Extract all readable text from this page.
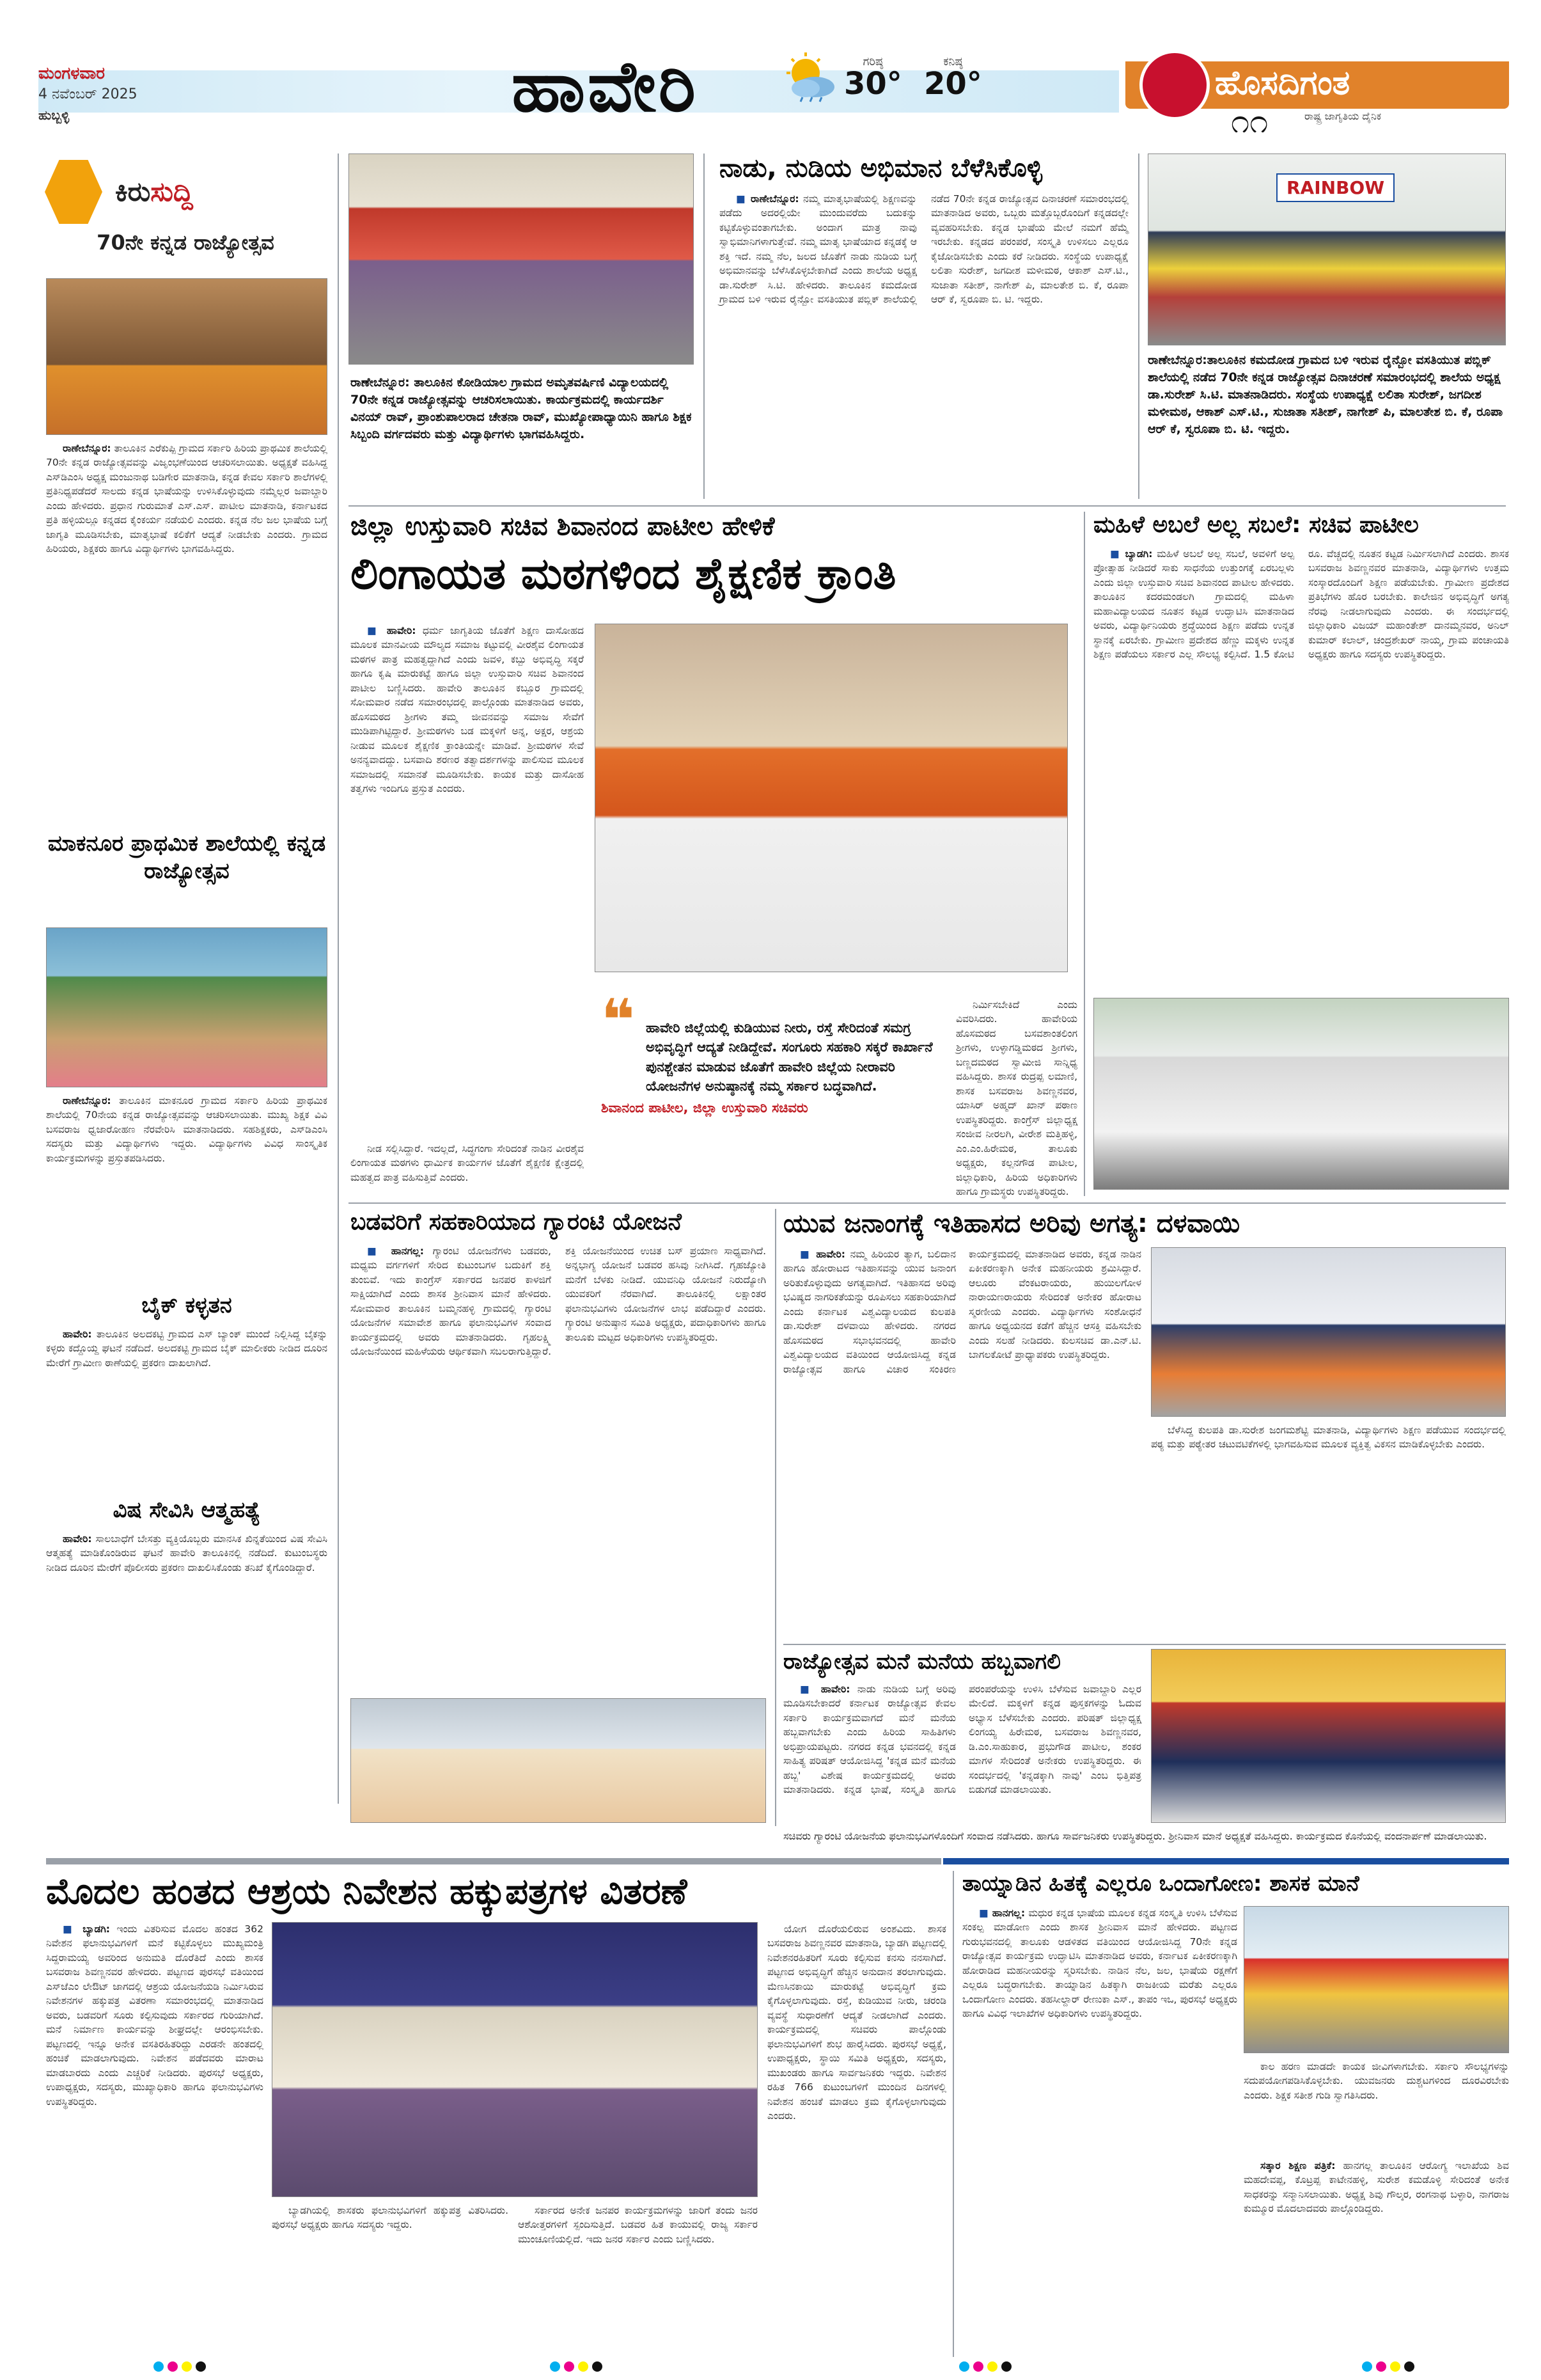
ಮಂಗಳವಾರ
4 ನವೆಂಬರ್ 2025
ಹುಬ್ಬಳ್ಳಿ	ಹಾವೇರಿ	ಗರಿಷ್ಠ
30°
ಕನಿಷ್ಠ
20°	ಹೊಸದಿಗಂತ
ರಾಷ್ಟ್ರ ಜಾಗೃತಿಯ ದೈನಿಕ
೧೧
ಕಿರುಸುದ್ದಿ
70ನೇ ಕನ್ನಡ ರಾಜ್ಯೋತ್ಸವ

ರಾಣೇಬೆನ್ನೂರ: ತಾಲೂಕಿನ ಎರೆಕುಪ್ಪಿ ಗ್ರಾಮದ ಸರ್ಕಾರಿ ಹಿರಿಯ ಪ್ರಾಥಮಿಕ ಶಾಲೆಯಲ್ಲಿ 70ನೇ ಕನ್ನಡ ರಾಜ್ಯೋತ್ಸವವನ್ನು ವಿಜೃಂಭಣೆಯಿಂದ ಆಚರಿಸಲಾಯಿತು. ಅಧ್ಯಕ್ಷತೆ ವಹಿಸಿದ್ದ ಎಸ್‌ಡಿಎಂಸಿ ಅಧ್ಯಕ್ಷ ಮಂಜುನಾಥ ಬಡಿಗೇರ ಮಾತನಾಡಿ, ಕನ್ನಡ ಕೇವಲ ಸರ್ಕಾರಿ ಶಾಲೆಗಳಲ್ಲಿ ಪ್ರತಿನಿಧ್ಯಪಡೆದರೆ ಸಾಲದು ಕನ್ನಡ ಭಾಷೆಯನ್ನು ಉಳಿಸಿಕೊಳ್ಳುವುದು ನಮ್ಮೆಲ್ಲರ ಜವಾಬ್ದಾರಿ ಎಂದು ಹೇಳಿದರು. ಪ್ರಧಾನ ಗುರುಮಾತೆ ಎಸ್.ಎಸ್. ಪಾಟೀಲ ಮಾತನಾಡಿ, ಕರ್ನಾಟಕದ ಪ್ರತಿ ಹಳ್ಳಿಯಲ್ಲೂ ಕನ್ನಡದ ಕೈಂಕರ್ಯ ನಡೆಯಲಿ ಎಂದರು. ಕನ್ನಡ ನೆಲ ಜಲ ಭಾಷೆಯ ಬಗ್ಗೆ ಜಾಗೃತಿ ಮೂಡಿಸಬೇಕು, ಮಾತೃಭಾಷೆ ಕಲಿಕೆಗೆ ಆದ್ಯತೆ ನೀಡಬೇಕು ಎಂದರು. ಗ್ರಾಮದ ಹಿರಿಯರು, ಶಿಕ್ಷಕರು ಹಾಗೂ ವಿದ್ಯಾರ್ಥಿಗಳು ಭಾಗವಹಿಸಿದ್ದರು.

ಮಾಕನೂರ ಪ್ರಾಥಮಿಕ ಶಾಲೆಯಲ್ಲಿ ಕನ್ನಡ ರಾಜ್ಯೋತ್ಸವ

ರಾಣೇಬೆನ್ನೂರ: ತಾಲೂಕಿನ ಮಾಕನೂರ ಗ್ರಾಮದ ಸರ್ಕಾರಿ ಹಿರಿಯ ಪ್ರಾಥಮಿಕ ಶಾಲೆಯಲ್ಲಿ 70ನೇಯ ಕನ್ನಡ ರಾಜ್ಯೋತ್ಸವವನ್ನು ಆಚರಿಸಲಾಯಿತು. ಮುಖ್ಯ ಶಿಕ್ಷಕ ವಿವಿ ಬಸವರಾಜ ಧ್ವಜಾರೋಹಣ ನೆರವೇರಿಸಿ ಮಾತನಾಡಿದರು. ಸಹಶಿಕ್ಷಕರು, ಎಸ್‌ಡಿಎಂಸಿ ಸದಸ್ಯರು ಮತ್ತು ವಿದ್ಯಾರ್ಥಿಗಳು ಇದ್ದರು. ವಿದ್ಯಾರ್ಥಿಗಳು ವಿವಿಧ ಸಾಂಸ್ಕೃತಿಕ ಕಾರ್ಯಕ್ರಮಗಳನ್ನು ಪ್ರಸ್ತುತಪಡಿಸಿದರು.

ಬೈಕ್ ಕಳ್ಳತನ

ಹಾವೇರಿ: ತಾಲೂಕಿನ ಅಲದಕಟ್ಟಿ ಗ್ರಾಮದ ಎಸ್ ಬ್ಯಾಂಕ್ ಮುಂದೆ ನಿಲ್ಲಿಸಿದ್ದ ಬೈಕನ್ನು ಕಳ್ಳರು ಕದ್ದೊಯ್ದ ಘಟನೆ ನಡೆದಿದೆ. ಅಲದಕಟ್ಟಿ ಗ್ರಾಮದ ಬೈಕ್ ಮಾಲೀಕರು ನೀಡಿದ ದೂರಿನ ಮೇರೆಗೆ ಗ್ರಾಮೀಣ ಠಾಣೆಯಲ್ಲಿ ಪ್ರಕರಣ ದಾಖಲಾಗಿದೆ.

ವಿಷ ಸೇವಿಸಿ ಆತ್ಮಹತ್ಯೆ

ಹಾವೇರಿ: ಸಾಲಬಾಧೆಗೆ ಬೇಸತ್ತು ವ್ಯಕ್ತಿಯೊಬ್ಬರು ಮಾನಸಿಕ ಖಿನ್ನತೆಯಿಂದ ವಿಷ ಸೇವಿಸಿ ಆತ್ಮಹತ್ಯೆ ಮಾಡಿಕೊಂಡಿರುವ ಘಟನೆ ಹಾವೇರಿ ತಾಲೂಕಿನಲ್ಲಿ ನಡೆದಿದೆ. ಕುಟುಂಬಸ್ಥರು ನೀಡಿದ ದೂರಿನ ಮೇರೆಗೆ ಪೊಲೀಸರು ಪ್ರಕರಣ ದಾಖಲಿಸಿಕೊಂಡು ತನಿಖೆ ಕೈಗೊಂಡಿದ್ದಾರೆ.

ರಾಣೇಬೆನ್ನೂರ: ತಾಲೂಕಿನ ಕೋಡಿಯಾಲ ಗ್ರಾಮದ ಅಮೃತವರ್ಷಿಣಿ ವಿದ್ಯಾಲಯದಲ್ಲಿ 70ನೇ ಕನ್ನಡ ರಾಜ್ಯೋತ್ಸವನ್ನು ಆಚರಿಸಲಾಯಿತು. ಕಾರ್ಯಕ್ರಮದಲ್ಲಿ ಕಾರ್ಯದರ್ಶಿ ವಿನಯ್ ರಾವ್, ಪ್ರಾಂಶುಪಾಲರಾದ ಚೇತನಾ ರಾವ್, ಮುಖ್ಯೋಪಾಧ್ಯಾಯಿನಿ ಹಾಗೂ ಶಿಕ್ಷಕ ಸಿಬ್ಬಂದಿ ವರ್ಗದವರು ಮತ್ತು ವಿದ್ಯಾರ್ಥಿಗಳು ಭಾಗವಹಿಸಿದ್ದರು.
ನಾಡು, ನುಡಿಯ ಅಭಿಮಾನ ಬೆಳೆಸಿಕೊಳ್ಳಿ

■ ರಾಣೇಬೆನ್ನೂರ: ನಮ್ಮ ಮಾತೃಭಾಷೆಯಲ್ಲಿ ಶಿಕ್ಷಣವನ್ನು ಪಡೆದು ಅದರಲ್ಲಿಯೇ ಮುಂದುವರೆದು ಬದುಕನ್ನು ಕಟ್ಟಿಕೊಳ್ಳುವಂತಾಗಬೇಕು. ಅಂದಾಗ ಮಾತ್ರ ನಾವು ಸ್ವಾಭಿಮಾನಿಗಳಾಗುತ್ತೇವೆ. ನಮ್ಮ ಮಾತೃ ಭಾಷೆಯಾದ ಕನ್ನಡಕ್ಕೆ ಆ ಶಕ್ತಿ ಇದೆ. ನಮ್ಮ ನೆಲ, ಜಲದ ಜೊತೆಗೆ ನಾಡು ನುಡಿಯ ಬಗ್ಗೆ ಅಭಿಮಾನವನ್ನು ಬೆಳೆಸಿಕೊಳ್ಳಬೇಕಾಗಿದೆ ಎಂದು ಶಾಲೆಯ ಅಧ್ಯಕ್ಷ ಡಾ.ಸುರೇಶ್ ಸಿ.ಟಿ. ಹೇಳಿದರು. ತಾಲೂಕಿನ ಕಮದೋಡ ಗ್ರಾಮದ ಬಳಿ ಇರುವ ರೈನ್ಬೋ ವಸತಿಯುತ ಪಬ್ಲಿಕ್ ಶಾಲೆಯಲ್ಲಿ ನಡೆದ 70ನೇ ಕನ್ನಡ ರಾಜ್ಯೋತ್ಸವ ದಿನಾಚರಣೆ ಸಮಾರಂಭದಲ್ಲಿ ಮಾತನಾಡಿದ ಅವರು, ಒಬ್ಬರು ಮತ್ತೊಬ್ಬರೊಂದಿಗೆ ಕನ್ನಡದಲ್ಲೇ ವ್ಯವಹರಿಸಬೇಕು. ಕನ್ನಡ ಭಾಷೆಯ ಮೇಲೆ ನಮಗೆ ಹೆಮ್ಮೆ ಇರಬೇಕು. ಕನ್ನಡದ ಪರಂಪರೆ, ಸಂಸ್ಕೃತಿ ಉಳಿಸಲು ಎಲ್ಲರೂ ಕೈಜೋಡಿಸಬೇಕು ಎಂದು ಕರೆ ನೀಡಿದರು. ಸಂಸ್ಥೆಯ ಉಪಾಧ್ಯಕ್ಷೆ ಲಲಿತಾ ಸುರೇಶ್, ಜಗದೀಶ ಮಳೀಮಠ, ಆಕಾಶ್ ಎಸ್.ಟಿ., ಸುಜಾತಾ ಸತೀಶ್, ನಾಗೇಶ್ ಪಿ, ಮಾಲತೇಶ ಬಿ. ಕೆ, ರೂಪಾ ಆರ್ ಕೆ, ಸ್ವರೂಪಾ ಬಿ. ಟಿ. ಇದ್ದರು.

RAINBOW
ರಾಣೇಬೆನ್ನೂರ:ತಾಲೂಕಿನ ಕಮದೋಡ ಗ್ರಾಮದ ಬಳಿ ಇರುವ ರೈನ್ಬೋ ವಸತಿಯುತ ಪಬ್ಲಿಕ್ ಶಾಲೆಯಲ್ಲಿ ನಡೆದ 70ನೇ ಕನ್ನಡ ರಾಜ್ಯೋತ್ಸವ ದಿನಾಚರಣೆ ಸಮಾರಂಭದಲ್ಲಿ ಶಾಲೆಯ ಅಧ್ಯಕ್ಷ ಡಾ.ಸುರೇಶ್ ಸಿ.ಟಿ. ಮಾತನಾಡಿದರು. ಸಂಸ್ಥೆಯ ಉಪಾಧ್ಯಕ್ಷೆ ಲಲಿತಾ ಸುರೇಶ್, ಜಗದೀಶ ಮಳೀಮಠ, ಆಕಾಶ್ ಎಸ್.ಟಿ., ಸುಜಾತಾ ಸತೀಶ್, ನಾಗೇಶ್ ಪಿ, ಮಾಲತೇಶ ಬಿ. ಕೆ, ರೂಪಾ ಆರ್ ಕೆ, ಸ್ವರೂಪಾ ಬಿ. ಟಿ. ಇದ್ದರು.
ಜಿಲ್ಲಾ ಉಸ್ತುವಾರಿ ಸಚಿವ ಶಿವಾನಂದ ಪಾಟೀಲ ಹೇಳಿಕೆ
ಲಿಂಗಾಯತ ಮಠಗಳಿಂದ ಶೈಕ್ಷಣಿಕ ಕ್ರಾಂತಿ

■ ಹಾವೇರಿ: ಧರ್ಮ ಜಾಗೃತಿಯ ಜೊತೆಗೆ ಶಿಕ್ಷಣ ದಾಸೋಹದ ಮೂಲಕ ಮಾನವೀಯ ಮೌಲ್ಯದ ಸಮಾಜ ಕಟ್ಟುವಲ್ಲಿ ವೀರಶೈವ ಲಿಂಗಾಯತ ಮಠಗಳ ಪಾತ್ರ ಮಹತ್ವದ್ದಾಗಿದೆ ಎಂದು ಜವಳಿ, ಕಬ್ಬು ಅಭಿವೃದ್ಧಿ ಸಕ್ಕರೆ ಹಾಗೂ ಕೃಷಿ ಮಾರುಕಟ್ಟೆ ಹಾಗೂ ಜಿಲ್ಲಾ ಉಸ್ತುವಾರಿ ಸಚಿವ ಶಿವಾನಂದ ಪಾಟೀಲ ಬಣ್ಣಿಸಿದರು. ಹಾವೇರಿ ತಾಲೂಕಿನ ಕಬ್ಬೂರ ಗ್ರಾಮದಲ್ಲಿ ಸೋಮವಾರ ನಡೆದ ಸಮಾರಂಭದಲ್ಲಿ ಪಾಲ್ಗೊಂಡು ಮಾತನಾಡಿದ ಅವರು, ಹೊಸಮಠದ ಶ್ರೀಗಳು ತಮ್ಮ ಜೀವನವನ್ನು ಸಮಾಜ ಸೇವೆಗೆ ಮುಡಿಪಾಗಿಟ್ಟಿದ್ದಾರೆ. ಶ್ರೀಮಠಗಳು ಬಡ ಮಕ್ಕಳಿಗೆ ಅನ್ನ, ಅಕ್ಷರ, ಆಶ್ರಯ ನೀಡುವ ಮೂಲಕ ಶೈಕ್ಷಣಿಕ ಕ್ರಾಂತಿಯನ್ನೇ ಮಾಡಿವೆ. ಶ್ರೀಮಠಗಳ ಸೇವೆ ಅನನ್ಯವಾದದ್ದು. ಬಸವಾದಿ ಶರಣರ ತತ್ವಾದರ್ಶಗಳನ್ನು ಪಾಲಿಸುವ ಮೂಲಕ ಸಮಾಜದಲ್ಲಿ ಸಮಾನತೆ ಮೂಡಿಸಬೇಕು. ಕಾಯಕ ಮತ್ತು ದಾಸೋಹ ತತ್ವಗಳು ಇಂದಿಗೂ ಪ್ರಸ್ತುತ ಎಂದರು.

❝ ಹಾವೇರಿ ಜಿಲ್ಲೆಯಲ್ಲಿ ಕುಡಿಯುವ ನೀರು, ರಸ್ತೆ ಸೇರಿದಂತೆ ಸಮಗ್ರ ಅಭಿವೃದ್ಧಿಗೆ ಆದ್ಯತೆ ನೀಡಿದ್ದೇವೆ. ಸಂಗೂರು ಸಹಕಾರಿ ಸಕ್ಕರೆ ಕಾರ್ಖಾನೆ ಪುನಶ್ಚೇತನ ಮಾಡುವ ಜೊತೆಗೆ ಹಾವೇರಿ ಜಿಲ್ಲೆಯ ನೀರಾವರಿ ಯೋಜನೆಗಳ ಅನುಷ್ಠಾನಕ್ಕೆ ನಮ್ಮ ಸರ್ಕಾರ ಬದ್ಧವಾಗಿದೆ.
ಶಿವಾನಂದ ಪಾಟೀಲ, ಜಿಲ್ಲಾ ಉಸ್ತುವಾರಿ ಸಚಿವರು

ನೀಡ ಸಲ್ಲಿಸಿದ್ದಾರೆ. ಇದಲ್ಲದೆ, ಸಿದ್ಧಗಂಗಾ ಸೇರಿದಂತೆ ನಾಡಿನ ವೀರಶೈವ ಲಿಂಗಾಯತ ಮಠಗಳು ಧಾರ್ಮಿಕ ಕಾರ್ಯಗಳ ಜೊತೆಗೆ ಶೈಕ್ಷಣಿಕ ಕ್ಷೇತ್ರದಲ್ಲಿ ಮಹತ್ವದ ಪಾತ್ರ ವಹಿಸುತ್ತಿವೆ ಎಂದರು.

ನಿರ್ಮಿಸಬೇಕಿದೆ ಎಂದು ವಿವರಿಸಿದರು. ಹಾವೇರಿಯ ಹೊಸಮಠದ ಬಸವಶಾಂತಲಿಂಗ ಶ್ರೀಗಳು, ಉಳ್ಳಾಗಡ್ಡಿಮಠದ ಶ್ರೀಗಳು, ಬಣ್ಣದಮಠದ ಸ್ವಾಮೀಜಿ ಸಾನ್ನಿಧ್ಯ ವಹಿಸಿದ್ದರು. ಶಾಸಕ ರುದ್ರಪ್ಪ ಲಮಾಣಿ, ಶಾಸಕ ಬಸವರಾಜ ಶಿವಣ್ಣನವರ, ಯಾಸಿರ್ ಅಹ್ಮದ್ ಖಾನ್ ಪಠಾಣ ಉಪಸ್ಥಿತರಿದ್ದರು. ಕಾಂಗ್ರೆಸ್ ಜಿಲ್ಲಾಧ್ಯಕ್ಷ ಸಂಜೀವ ನೀರಲಗಿ, ವೀರೇಶ ಮತ್ತಿಹಳ್ಳಿ, ಎಂ.ಎಂ.ಹಿರೇಮಠ, ತಾಲೂಕು ಅಧ್ಯಕ್ಷರು, ಕಲ್ಲನಗೌಡ ಪಾಟೀಲ, ಜಿಲ್ಲಾಧಿಕಾರಿ, ಹಿರಿಯ ಅಧಿಕಾರಿಗಳು ಹಾಗೂ ಗ್ರಾಮಸ್ಥರು ಉಪಸ್ಥಿತರಿದ್ದರು.

ಮಹಿಳೆ ಅಬಲೆ ಅಲ್ಲ ಸಬಲೆ: ಸಚಿವ ಪಾಟೀಲ

■ ಬ್ಯಾಡಗಿ: ಮಹಿಳೆ ಅಬಲೆ ಅಲ್ಲ ಸಬಲೆ, ಅವಳಿಗೆ ಅಲ್ಪ ಪ್ರೋತ್ಸಾಹ ನೀಡಿದರೆ ಸಾಕು ಸಾಧನೆಯ ಉತ್ತುಂಗಕ್ಕೆ ಏರಬಲ್ಲಳು ಎಂದು ಜಿಲ್ಲಾ ಉಸ್ತುವಾರಿ ಸಚಿವ ಶಿವಾನಂದ ಪಾಟೀಲ ಹೇಳಿದರು. ತಾಲೂಕಿನ ಕದರಮಂಡಲಗಿ ಗ್ರಾಮದಲ್ಲಿ ಮಹಿಳಾ ಮಹಾವಿದ್ಯಾಲಯದ ನೂತನ ಕಟ್ಟಡ ಉದ್ಘಾಟಿಸಿ ಮಾತನಾಡಿದ ಅವರು, ವಿದ್ಯಾರ್ಥಿನಿಯರು ಶ್ರದ್ಧೆಯಿಂದ ಶಿಕ್ಷಣ ಪಡೆದು ಉನ್ನತ ಸ್ಥಾನಕ್ಕೆ ಏರಬೇಕು. ಗ್ರಾಮೀಣ ಪ್ರದೇಶದ ಹೆಣ್ಣು ಮಕ್ಕಳು ಉನ್ನತ ಶಿಕ್ಷಣ ಪಡೆಯಲು ಸರ್ಕಾರ ಎಲ್ಲ ಸೌಲಭ್ಯ ಕಲ್ಪಿಸಿದೆ. 1.5 ಕೋಟಿ ರೂ. ವೆಚ್ಚದಲ್ಲಿ ನೂತನ ಕಟ್ಟಡ ನಿರ್ಮಿಸಲಾಗಿದೆ ಎಂದರು. ಶಾಸಕ ಬಸವರಾಜ ಶಿವಣ್ಣನವರ ಮಾತನಾಡಿ, ವಿದ್ಯಾರ್ಥಿಗಳು ಉತ್ತಮ ಸಂಸ್ಕಾರದೊಂದಿಗೆ ಶಿಕ್ಷಣ ಪಡೆಯಬೇಕು. ಗ್ರಾಮೀಣ ಪ್ರದೇಶದ ಪ್ರತಿಭೆಗಳು ಹೊರ ಬರಬೇಕು. ಕಾಲೇಜಿನ ಅಭಿವೃದ್ಧಿಗೆ ಅಗತ್ಯ ನೆರವು ನೀಡಲಾಗುವುದು ಎಂದರು. ಈ ಸಂದರ್ಭದಲ್ಲಿ ಜಿಲ್ಲಾಧಿಕಾರಿ ವಿಜಯ್ ಮಹಾಂತೇಶ್ ದಾನಮ್ಮನವರ, ಅನಿಲ್ ಕುಮಾರ್ ಕಲಾಲ್, ಚಂದ್ರಶೇಖರ್ ನಾಯ್ಕ, ಗ್ರಾಮ ಪಂಚಾಯತಿ ಅಧ್ಯಕ್ಷರು ಹಾಗೂ ಸದಸ್ಯರು ಉಪಸ್ಥಿತರಿದ್ದರು.

ಬಡವರಿಗೆ ಸಹಕಾರಿಯಾದ ಗ್ಯಾರಂಟಿ ಯೋಜನೆ

■ ಹಾನಗಲ್ಲ: ಗ್ಯಾರಂಟಿ ಯೋಜನೆಗಳು ಬಡವರು, ಮಧ್ಯಮ ವರ್ಗಗಳಿಗೆ ಸೇರಿದ ಕುಟುಂಬಗಳ ಬದುಕಿಗೆ ಶಕ್ತಿ ತುಂಬಿವೆ. ಇದು ಕಾಂಗ್ರೆಸ್ ಸರ್ಕಾರದ ಜನಪರ ಕಾಳಜಿಗೆ ಸಾಕ್ಷಿಯಾಗಿದೆ ಎಂದು ಶಾಸಕ ಶ್ರೀನಿವಾಸ ಮಾನೆ ಹೇಳಿದರು. ಸೋಮವಾರ ತಾಲೂಕಿನ ಬಮ್ಮನಹಳ್ಳಿ ಗ್ರಾಮದಲ್ಲಿ ಗ್ಯಾರಂಟಿ ಯೋಜನೆಗಳ ಸಮಾವೇಶ ಹಾಗೂ ಫಲಾನುಭವಿಗಳ ಸಂವಾದ ಕಾರ್ಯಕ್ರಮದಲ್ಲಿ ಅವರು ಮಾತನಾಡಿದರು. ಗೃಹಲಕ್ಷ್ಮಿ ಯೋಜನೆಯಿಂದ ಮಹಿಳೆಯರು ಆರ್ಥಿಕವಾಗಿ ಸಬಲರಾಗುತ್ತಿದ್ದಾರೆ. ಶಕ್ತಿ ಯೋಜನೆಯಿಂದ ಉಚಿತ ಬಸ್ ಪ್ರಯಾಣ ಸಾಧ್ಯವಾಗಿದೆ. ಅನ್ನಭಾಗ್ಯ ಯೋಜನೆ ಬಡವರ ಹಸಿವು ನೀಗಿಸಿದೆ. ಗೃಹಜ್ಯೋತಿ ಮನೆಗೆ ಬೆಳಕು ನೀಡಿದೆ. ಯುವನಿಧಿ ಯೋಜನೆ ನಿರುದ್ಯೋಗಿ ಯುವಕರಿಗೆ ನೆರವಾಗಿದೆ. ತಾಲೂಕಿನಲ್ಲಿ ಲಕ್ಷಾಂತರ ಫಲಾನುಭವಿಗಳು ಯೋಜನೆಗಳ ಲಾಭ ಪಡೆದಿದ್ದಾರೆ ಎಂದರು. ಗ್ಯಾರಂಟಿ ಅನುಷ್ಠಾನ ಸಮಿತಿ ಅಧ್ಯಕ್ಷರು, ಪದಾಧಿಕಾರಿಗಳು ಹಾಗೂ ತಾಲೂಕು ಮಟ್ಟದ ಅಧಿಕಾರಿಗಳು ಉಪಸ್ಥಿತರಿದ್ದರು.

ಯುವ ಜನಾಂಗಕ್ಕೆ ಇತಿಹಾಸದ ಅರಿವು ಅಗತ್ಯ: ದಳವಾಯಿ

■ ಹಾವೇರಿ: ನಮ್ಮ ಹಿರಿಯರ ತ್ಯಾಗ, ಬಲಿದಾನ ಹಾಗೂ ಹೋರಾಟದ ಇತಿಹಾಸವನ್ನು ಯುವ ಜನಾಂಗ ಅರಿತುಕೊಳ್ಳುವುದು ಅಗತ್ಯವಾಗಿದೆ. ಇತಿಹಾಸದ ಅರಿವು ಭವಿಷ್ಯದ ನಾಗರಿಕತೆಯನ್ನು ರೂಪಿಸಲು ಸಹಕಾರಿಯಾಗಿದೆ ಎಂದು ಕರ್ನಾಟಕ ವಿಶ್ವವಿದ್ಯಾಲಯದ ಕುಲಪತಿ ಡಾ.ಸುರೇಶ್ ದಳವಾಯಿ ಹೇಳಿದರು. ನಗರದ ಹೊಸಮಠದ ಸಭಾಭವನದಲ್ಲಿ ಹಾವೇರಿ ವಿಶ್ವವಿದ್ಯಾಲಯದ ವತಿಯಿಂದ ಆಯೋಜಿಸಿದ್ದ ಕನ್ನಡ ರಾಜ್ಯೋತ್ಸವ ಹಾಗೂ ವಿಚಾರ ಸಂಕಿರಣ ಕಾರ್ಯಕ್ರಮದಲ್ಲಿ ಮಾತನಾಡಿದ ಅವರು, ಕನ್ನಡ ನಾಡಿನ ಏಕೀಕರಣಕ್ಕಾಗಿ ಅನೇಕ ಮಹನೀಯರು ಶ್ರಮಿಸಿದ್ದಾರೆ. ಆಲೂರು ವೆಂಕಟರಾಯರು, ಹುಯಿಲಗೋಳ ನಾರಾಯಣರಾಯರು ಸೇರಿದಂತೆ ಅನೇಕರ ಹೋರಾಟ ಸ್ಮರಣೀಯ ಎಂದರು. ವಿದ್ಯಾರ್ಥಿಗಳು ಸಂಶೋಧನೆ ಹಾಗೂ ಅಧ್ಯಯನದ ಕಡೆಗೆ ಹೆಚ್ಚಿನ ಆಸಕ್ತಿ ವಹಿಸಬೇಕು ಎಂದು ಸಲಹೆ ನೀಡಿದರು. ಕುಲಸಚಿವ ಡಾ.ಎನ್.ಟಿ. ಬಾಗಲಕೋಟೆ ಪ್ರಾಧ್ಯಾಪಕರು ಉಪಸ್ಥಿತರಿದ್ದರು.

ಬೆಳೆಸಿದ್ದ ಕುಲಪತಿ ಡಾ.ಸುರೇಶ ಜಂಗಮಶೆಟ್ಟಿ ಮಾತನಾಡಿ, ವಿದ್ಯಾರ್ಥಿಗಳು ಶಿಕ್ಷಣ ಪಡೆಯುವ ಸಂದರ್ಭದಲ್ಲಿ ಪಠ್ಯ ಮತ್ತು ಪಠ್ಯೇತರ ಚಟುವಟಿಕೆಗಳಲ್ಲಿ ಭಾಗವಹಿಸುವ ಮೂಲಕ ವ್ಯಕ್ತಿತ್ವ ವಿಕಸನ ಮಾಡಿಕೊಳ್ಳಬೇಕು ಎಂದರು.

ರಾಜ್ಯೋತ್ಸವ ಮನೆ ಮನೆಯ ಹಬ್ಬವಾಗಲಿ

■ ಹಾವೇರಿ: ನಾಡು ನುಡಿಯ ಬಗ್ಗೆ ಅರಿವು ಮೂಡಿಸಬೇಕಾದರೆ ಕರ್ನಾಟಕ ರಾಜ್ಯೋತ್ಸವ ಕೇವಲ ಸರ್ಕಾರಿ ಕಾರ್ಯಕ್ರಮವಾಗದೆ ಮನೆ ಮನೆಯ ಹಬ್ಬವಾಗಬೇಕು ಎಂದು ಹಿರಿಯ ಸಾಹಿತಿಗಳು ಅಭಿಪ್ರಾಯಪಟ್ಟರು. ನಗರದ ಕನ್ನಡ ಭವನದಲ್ಲಿ ಕನ್ನಡ ಸಾಹಿತ್ಯ ಪರಿಷತ್ ಆಯೋಜಿಸಿದ್ದ 'ಕನ್ನಡ ಮನೆ ಮನೆಯ ಹಬ್ಬ' ವಿಶೇಷ ಕಾರ್ಯಕ್ರಮದಲ್ಲಿ ಅವರು ಮಾತನಾಡಿದರು. ಕನ್ನಡ ಭಾಷೆ, ಸಂಸ್ಕೃತಿ ಹಾಗೂ ಪರಂಪರೆಯನ್ನು ಉಳಿಸಿ ಬೆಳೆಸುವ ಜವಾಬ್ದಾರಿ ಎಲ್ಲರ ಮೇಲಿದೆ. ಮಕ್ಕಳಿಗೆ ಕನ್ನಡ ಪುಸ್ತಕಗಳನ್ನು ಓದುವ ಅಭ್ಯಾಸ ಬೆಳೆಸಬೇಕು ಎಂದರು. ಪರಿಷತ್ ಜಿಲ್ಲಾಧ್ಯಕ್ಷ ಲಿಂಗಯ್ಯ ಹಿರೇಮಠ, ಬಸವರಾಜ ಶಿವಣ್ಣನವರ, ಡಿ.ಎಂ.ಸಾಹುಕಾರ, ಪ್ರಭುಗೌಡ ಪಾಟೀಲ, ಶಂಕರ ಮಾಗಳ ಸೇರಿದಂತೆ ಅನೇಕರು ಉಪಸ್ಥಿತರಿದ್ದರು. ಈ ಸಂದರ್ಭದಲ್ಲಿ 'ಕನ್ನಡಕ್ಕಾಗಿ ನಾವು' ಎಂಬ ಭಿತ್ತಿಪತ್ರ ಬಿಡುಗಡೆ ಮಾಡಲಾಯಿತು.

ಸಚಿವರು ಗ್ಯಾರಂಟಿ ಯೋಜನೆಯ ಫಲಾನುಭವಿಗಳೊಂದಿಗೆ ಸಂವಾದ ನಡೆಸಿದರು. ಹಾಗೂ ಸಾರ್ವಜನಿಕರು ಉಪಸ್ಥಿತರಿದ್ದರು. ಶ್ರೀನಿವಾಸ ಮಾನೆ ಅಧ್ಯಕ್ಷತೆ ವಹಿಸಿದ್ದರು. ಕಾರ್ಯಕ್ರಮದ ಕೊನೆಯಲ್ಲಿ ವಂದನಾರ್ಪಣೆ ಮಾಡಲಾಯಿತು.
ಮೊದಲ ಹಂತದ ಆಶ್ರಯ ನಿವೇಶನ ಹಕ್ಕುಪತ್ರಗಳ ವಿತರಣೆ

■ ಬ್ಯಾಡಗಿ: ಇಂದು ವಿತರಿಸುವ ಮೊದಲ ಹಂತದ 362 ನಿವೇಶನ ಫಲಾನುಭವಿಗಳಿಗೆ ಮನೆ ಕಟ್ಟಿಕೊಳ್ಳಲು ಮುಖ್ಯಮಂತ್ರಿ ಸಿದ್ದರಾಮಯ್ಯ ಅವರಿಂದ ಅನುಮತಿ ದೊರೆತಿದೆ ಎಂದು ಶಾಸಕ ಬಸವರಾಜ ಶಿವಣ್ಣನವರ ಹೇಳಿದರು. ಪಟ್ಟಣದ ಪುರಸಭೆ ವತಿಯಿಂದ ಎಸ್‌ಜೆಎಂ ಲೇಔಟ್ ಜಾಗದಲ್ಲಿ ಆಶ್ರಯ ಯೋಜನೆಯಡಿ ನಿರ್ಮಿಸಿರುವ ನಿವೇಶನಗಳ ಹಕ್ಕುಪತ್ರ ವಿತರಣಾ ಸಮಾರಂಭದಲ್ಲಿ ಮಾತನಾಡಿದ ಅವರು, ಬಡವರಿಗೆ ಸೂರು ಕಲ್ಪಿಸುವುದು ಸರ್ಕಾರದ ಗುರಿಯಾಗಿದೆ. ಮನೆ ನಿರ್ಮಾಣ ಕಾರ್ಯವನ್ನು ಶೀಘ್ರದಲ್ಲೇ ಆರಂಭಿಸಬೇಕು. ಪಟ್ಟಣದಲ್ಲಿ ಇನ್ನೂ ಅನೇಕ ವಸತಿರಹಿತರಿದ್ದು ಎರಡನೇ ಹಂತದಲ್ಲಿ ಹಂಚಿಕೆ ಮಾಡಲಾಗುವುದು. ನಿವೇಶನ ಪಡೆದವರು ಮಾರಾಟ ಮಾಡಬಾರದು ಎಂದು ಎಚ್ಚರಿಕೆ ನೀಡಿದರು. ಪುರಸಭೆ ಅಧ್ಯಕ್ಷರು, ಉಪಾಧ್ಯಕ್ಷರು, ಸದಸ್ಯರು, ಮುಖ್ಯಾಧಿಕಾರಿ ಹಾಗೂ ಫಲಾನುಭವಿಗಳು ಉಪಸ್ಥಿತರಿದ್ದರು.

ಬ್ಯಾಡಗಿಯಲ್ಲಿ ಶಾಸಕರು ಫಲಾನುಭವಿಗಳಿಗೆ ಹಕ್ಕುಪತ್ರ ವಿತರಿಸಿದರು. ಪುರಸಭೆ ಅಧ್ಯಕ್ಷರು ಹಾಗೂ ಸದಸ್ಯರು ಇದ್ದರು.

ಸರ್ಕಾರದ ಅನೇಕ ಜನಪರ ಕಾರ್ಯಕ್ರಮಗಳನ್ನು ಜಾರಿಗೆ ತಂದು ಜನರ ಆಶೋತ್ತರಗಳಿಗೆ ಸ್ಪಂದಿಸುತ್ತಿದೆ. ಬಡವರ ಹಿತ ಕಾಯುವಲ್ಲಿ ರಾಜ್ಯ ಸರ್ಕಾರ ಮುಂಚೂಣಿಯಲ್ಲಿದೆ. ಇದು ಜನರ ಸರ್ಕಾರ ಎಂದು ಬಣ್ಣಿಸಿದರು.

ಯೋಗ ದೊರೆಯಲಿರುವ ಅಂಶವಿದು. ಶಾಸಕ ಬಸವರಾಜ ಶಿವಣ್ಣನವರ ಮಾತನಾಡಿ, ಬ್ಯಾಡಗಿ ಪಟ್ಟಣದಲ್ಲಿ ನಿವೇಶನರಹಿತರಿಗೆ ಸೂರು ಕಲ್ಪಿಸುವ ಕನಸು ನನಸಾಗಿದೆ. ಪಟ್ಟಣದ ಅಭಿವೃದ್ಧಿಗೆ ಹೆಚ್ಚಿನ ಅನುದಾನ ತರಲಾಗುವುದು. ಮೆಣಸಿನಕಾಯಿ ಮಾರುಕಟ್ಟೆ ಅಭಿವೃದ್ಧಿಗೆ ಕ್ರಮ ಕೈಗೊಳ್ಳಲಾಗುವುದು. ರಸ್ತೆ, ಕುಡಿಯುವ ನೀರು, ಚರಂಡಿ ವ್ಯವಸ್ಥೆ ಸುಧಾರಣೆಗೆ ಆದ್ಯತೆ ನೀಡಲಾಗಿದೆ ಎಂದರು. ಕಾರ್ಯಕ್ರಮದಲ್ಲಿ ಸಚಿವರು ಪಾಲ್ಗೊಂಡು ಫಲಾನುಭವಿಗಳಿಗೆ ಶುಭ ಹಾರೈಸಿದರು. ಪುರಸಭೆ ಅಧ್ಯಕ್ಷೆ, ಉಪಾಧ್ಯಕ್ಷರು, ಸ್ಥಾಯಿ ಸಮಿತಿ ಅಧ್ಯಕ್ಷರು, ಸದಸ್ಯರು, ಮುಖಂಡರು ಹಾಗೂ ಸಾರ್ವಜನಿಕರು ಇದ್ದರು. ನಿವೇಶನ ರಹಿತ 766 ಕುಟುಂಬಗಳಿಗೆ ಮುಂದಿನ ದಿನಗಳಲ್ಲಿ ನಿವೇಶನ ಹಂಚಿಕೆ ಮಾಡಲು ಕ್ರಮ ಕೈಗೊಳ್ಳಲಾಗುವುದು ಎಂದರು.

ತಾಯ್ನಾಡಿನ ಹಿತಕ್ಕೆ ಎಲ್ಲರೂ ಒಂದಾಗೋಣ: ಶಾಸಕ ಮಾನೆ

■ ಹಾನಗಲ್ಲ: ಮಧುರ ಕನ್ನಡ ಭಾಷೆಯ ಮೂಲಕ ಕನ್ನಡ ಸಂಸ್ಕೃತಿ ಉಳಿಸಿ ಬೆಳೆಸುವ ಸಂಕಲ್ಪ ಮಾಡೋಣ ಎಂದು ಶಾಸಕ ಶ್ರೀನಿವಾಸ ಮಾನೆ ಹೇಳಿದರು. ಪಟ್ಟಣದ ಗುರುಭವನದಲ್ಲಿ ತಾಲೂಕು ಆಡಳಿತದ ವತಿಯಿಂದ ಆಯೋಜಿಸಿದ್ದ 70ನೇ ಕನ್ನಡ ರಾಜ್ಯೋತ್ಸವ ಕಾರ್ಯಕ್ರಮ ಉದ್ಘಾಟಿಸಿ ಮಾತನಾಡಿದ ಅವರು, ಕರ್ನಾಟಕ ಏಕೀಕರಣಕ್ಕಾಗಿ ಹೋರಾಡಿದ ಮಹನೀಯರನ್ನು ಸ್ಮರಿಸಬೇಕು. ನಾಡಿನ ನೆಲ, ಜಲ, ಭಾಷೆಯ ರಕ್ಷಣೆಗೆ ಎಲ್ಲರೂ ಬದ್ಧರಾಗಬೇಕು. ತಾಯ್ನಾಡಿನ ಹಿತಕ್ಕಾಗಿ ರಾಜಕೀಯ ಮರೆತು ಎಲ್ಲರೂ ಒಂದಾಗೋಣ ಎಂದರು. ತಹಸೀಲ್ದಾರ್ ರೇಣುಕಾ ಎಸ್., ತಾಪಂ ಇಒ, ಪುರಸಭೆ ಅಧ್ಯಕ್ಷರು ಹಾಗೂ ವಿವಿಧ ಇಲಾಖೆಗಳ ಅಧಿಕಾರಿಗಳು ಉಪಸ್ಥಿತರಿದ್ದರು.

ಕಾಲ ಹರಣ ಮಾಡದೇ ಕಾಯಕ ಜೀವಿಗಳಾಗಬೇಕು. ಸರ್ಕಾರಿ ಸೌಲಭ್ಯಗಳನ್ನು ಸದುಪಯೋಗಪಡಿಸಿಕೊಳ್ಳಬೇಕು. ಯುವಜನರು ದುಶ್ಚಟಗಳಿಂದ ದೂರವಿರಬೇಕು ಎಂದರು. ಶಿಕ್ಷಕ ಸತೀಶ ಗುಡಿ ಸ್ವಾಗತಿಸಿದರು.

ಸತ್ಕಾರ ಶಿಕ್ಷಣ ಪತ್ರಿಕೆ: ಹಾನಗಲ್ಲ ತಾಲೂಕಿನ ಆರೋಗ್ಯ ಇಲಾಖೆಯ ಶಿವ ಮಹದೇವಪ್ಪ, ಕೊಟ್ರಪ್ಪ ಕಾಟೇನಹಳ್ಳಿ, ಸುರೇಶ ಕಮಡೊಳ್ಳಿ ಸೇರಿದಂತೆ ಅನೇಕ ಸಾಧಕರನ್ನು ಸನ್ಮಾನಿಸಲಾಯಿತು. ಅಧ್ಯಕ್ಷ ಶಿವು ಗೌಲ್ಕರ, ರಂಗನಾಥ ಬಳ್ಳಾರಿ, ನಾಗರಾಜ ಕುಮ್ಮೂರ ಮೊದಲಾದವರು ಪಾಲ್ಗೊಂಡಿದ್ದರು.
